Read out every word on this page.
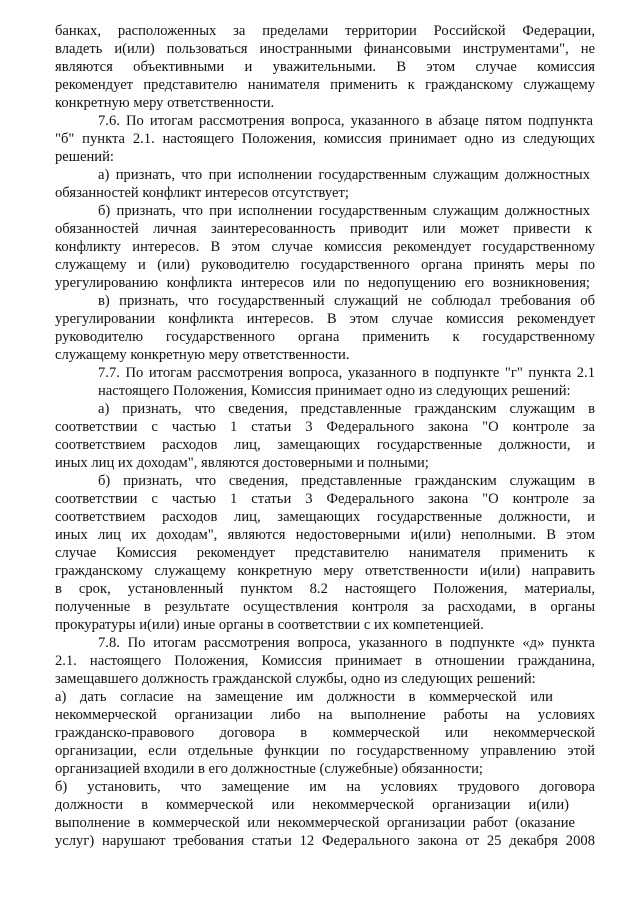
банках, расположенных за пределами территории Российской Федерации,
владеть и(или) пользоваться иностранными финансовыми инструментами", не
являются объективными и уважительными. В этом случае комиссия
рекомендует представителю нанимателя применить к гражданскому служащему
конкретную меру ответственности.
7.6. По итогам рассмотрения вопроса, указанного в абзаце пятом подпункта
"б" пункта 2.1. настоящего Положения, комиссия принимает одно из следующих
решений:
а) признать, что при исполнении государственным служащим должностных
обязанностей конфликт интересов отсутствует;
б) признать, что при исполнении государственным служащим должностных
обязанностей личная заинтересованность приводит или может привести к
конфликту интересов. В этом случае комиссия рекомендует государственному
служащему и (или) руководителю государственного органа принять меры по
урегулированию конфликта интересов или по недопущению его возникновения;
в) признать, что государственный служащий не соблюдал требования об
урегулировании конфликта интересов. В этом случае комиссия рекомендует
руководителю государственного органа применить к государственному
служащему конкретную меру ответственности.
7.7. По итогам рассмотрения вопроса, указанного в подпункте "г" пункта 2.1
настоящего Положения, Комиссия принимает одно из следующих решений:
а) признать, что сведения, представленные гражданским служащим в
соответствии с частью 1 статьи 3 Федерального закона "О контроле за
соответствием расходов лиц, замещающих государственные должности, и
иных лиц их доходам", являются достоверными и полными;
б) признать, что сведения, представленные гражданским служащим в
соответствии с частью 1 статьи 3 Федерального закона "О контроле за
соответствием расходов лиц, замещающих государственные должности, и
иных лиц их доходам", являются недостоверными и(или) неполными. В этом
случае Комиссия рекомендует представителю нанимателя применить к
гражданскому служащему конкретную меру ответственности и(или) направить
в срок, установленный пунктом 8.2 настоящего Положения, материалы,
полученные в результате осуществления контроля за расходами, в органы
прокуратуры и(или) иные органы в соответствии с их компетенцией.
7.8. По итогам рассмотрения вопроса, указанного в подпункте «д» пункта
2.1. настоящего Положения, Комиссия принимает в отношении гражданина,
замещавшего должность гражданской службы, одно из следующих решений:
а) дать согласие на замещение им должности в коммерческой или
некоммерческой организации либо на выполнение работы на условиях
гражданско-правового договора в коммерческой или некоммерческой
организации, если отдельные функции по государственному управлению этой
организацией входили в его должностные (служебные) обязанности;
б) установить, что замещение им на условиях трудового договора
должности в коммерческой или некоммерческой организации и(или)
выполнение в коммерческой или некоммерческой организации работ (оказание
услуг) нарушают требования статьи 12 Федерального закона от 25 декабря 2008
